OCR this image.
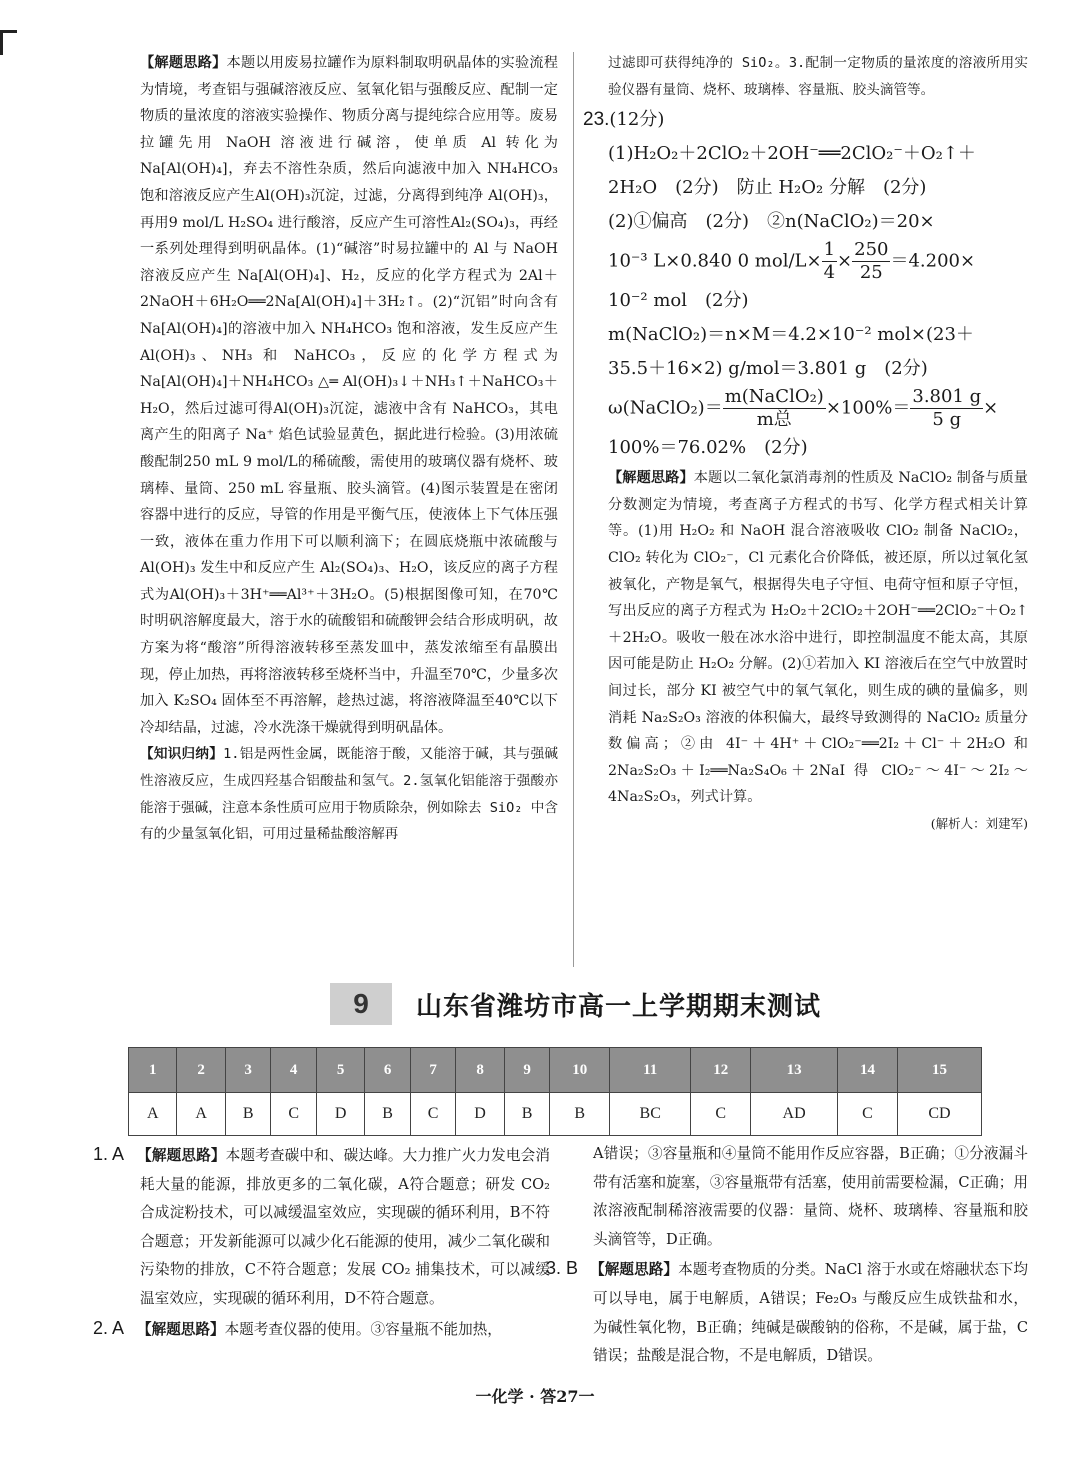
【解题思路】本题以用废易拉罐作为原料制取明矾晶体的实验流程为情境，考查铝与强碱溶液反应、氢氧化铝与强酸反应、配制一定物质的量浓度的溶液实验操作、物质分离与提纯综合应用等。废易拉罐先用 NaOH 溶液进行碱溶，使单质 Al 转化为 Na[Al(OH)₄]，弃去不溶性杂质，然后向滤液中加入 NH₄HCO₃ 饱和溶液反应产生Al(OH)₃沉淀，过滤，分离得到纯净 Al(OH)₃，再用9 mol/L H₂SO₄ 进行酸溶，反应产生可溶性Al₂(SO₄)₃，再经一系列处理得到明矾晶体。(1)“碱溶”时易拉罐中的 Al 与 NaOH 溶液反应产生 Na[Al(OH)₄]、H₂，反应的化学方程式为 2Al＋2NaOH＋6H₂O══2Na[Al(OH)₄]＋3H₂↑。(2)“沉铝”时向含有 Na[Al(OH)₄]的溶液中加入 NH₄HCO₃ 饱和溶液，发生反应产生 Al(OH)₃、NH₃ 和 NaHCO₃，反应的化学方程式为 Na[Al(OH)₄]＋NH₄HCO₃ △═ Al(OH)₃↓＋NH₃↑＋NaHCO₃＋H₂O，然后过滤可得Al(OH)₃沉淀，滤液中含有 NaHCO₃，其电离产生的阳离子 Na⁺ 焰色试验显黄色，据此进行检验。(3)用浓硫酸配制250 mL 9 mol/L的稀硫酸，需使用的玻璃仪器有烧杯、玻璃棒、量筒、250 mL 容量瓶、胶头滴管。(4)图示装置是在密闭容器中进行的反应，导管的作用是平衡气压，使液体上下气体压强一致，液体在重力作用下可以顺利滴下；在圆底烧瓶中浓硫酸与 Al(OH)₃ 发生中和反应产生 Al₂(SO₄)₃、H₂O，该反应的离子方程式为Al(OH)₃＋3H⁺══Al³⁺＋3H₂O。(5)根据图像可知，在70℃时明矾溶解度最大，溶于水的硫酸铝和硫酸钾会结合形成明矾，故方案为将“酸溶”所得溶液转移至蒸发皿中，蒸发浓缩至有晶膜出现，停止加热，再将溶液转移至烧杯当中，升温至70℃，少量多次加入 K₂SO₄ 固体至不再溶解，趁热过滤，将溶液降温至40℃以下冷却结晶，过滤，冷水洗涤干燥就得到明矾晶体。

【知识归纳】1.铝是两性金属，既能溶于酸，又能溶于碱，其与强碱性溶液反应，生成四羟基合铝酸盐和氢气。2.氢氧化铝能溶于强酸亦能溶于强碱，注意本条性质可应用于物质除杂，例如除去 SiO₂ 中含有的少量氢氧化铝，可用过量稀盐酸溶解再

过滤即可获得纯净的 SiO₂。3.配制一定物质的量浓度的溶液所用实验仪器有量筒、烧杯、玻璃棒、容量瓶、胶头滴管等。

23.(12分)
(1)H₂O₂＋2ClO₂＋2OH⁻══2ClO₂⁻＋O₂↑＋
2H₂O　(2分)　防止 H₂O₂ 分解　(2分)
(2)①偏高　(2分)　②n(NaClO₂)＝20×
10⁻³ L×0.840 0 $mol/L\times \frac{1}{4} \times \frac{250}{25} =4.200\times$
10⁻² mol　(2分)
m(NaClO₂)＝n×M＝4.2×10⁻² mol×(23＋
35.5＋16×2) g/mol＝3.801 g　(2分)
ω(NaClO₂)＝ $\frac{\text{m(NaClO₂)}}{\text{m总}} \times 100\%= \frac{3.801 g}{5 g}$ ×
100%＝76.02%　(2分)

【解题思路】本题以二氧化氯消毒剂的性质及 NaClO₂ 制备与质量分数测定为情境，考查离子方程式的书写、化学方程式相关计算等。(1)用 H₂O₂ 和 NaOH 混合溶液吸收 ClO₂ 制备 NaClO₂，ClO₂ 转化为 ClO₂⁻，Cl 元素化合价降低，被还原，所以过氧化氢被氧化，产物是氧气，根据得失电子守恒、电荷守恒和原子守恒，写出反应的离子方程式为 H₂O₂＋2ClO₂＋2OH⁻══2ClO₂⁻＋O₂↑＋2H₂O。吸收一般在冰水浴中进行，即控制温度不能太高，其原因可能是防止 H₂O₂ 分解。(2)①若加入 KI 溶液后在空气中放置时间过长，部分 KI 被空气中的氧气氧化，则生成的碘的量偏多，则消耗 Na₂S₂O₃ 溶液的体积偏大，最终导致测得的 NaClO₂ 质量分数偏高；②由 4I⁻＋4H⁺＋ClO₂⁻══2I₂＋Cl⁻＋2H₂O 和 2Na₂S₂O₃＋I₂══Na₂S₄O₆＋2NaI 得 ClO₂⁻～4I⁻～2I₂～4Na₂S₂O₃，列式计算。

(解析人：刘建军)

9	山东省潍坊市高一上学期期末测试
1	2	3	4	5	6	7	8	9	10	11	12	13	14	15
A	A	B	C	D	B	C	D	B	B	BC	C	AD	C	CD

1. A 【解题思路】本题考查碳中和、碳达峰。大力推广火力发电会消耗大量的能源，排放更多的二氧化碳，A符合题意；研发 CO₂ 合成淀粉技术，可以减缓温室效应，实现碳的循环利用，B不符合题意；开发新能源可以减少化石能源的使用，减少二氧化碳和污染物的排放，C不符合题意；发展 CO₂ 捕集技术，可以减缓温室效应，实现碳的循环利用，D不符合题意。

2. A 【解题思路】本题考查仪器的使用。③容量瓶不能加热，

A错误；③容量瓶和④量筒不能用作反应容器，B正确；①分液漏斗带有活塞和旋塞，③容量瓶带有活塞，使用前需要检漏，C正确；用浓溶液配制稀溶液需要的仪器：量筒、烧杯、玻璃棒、容量瓶和胶头滴管等，D正确。

3. B 【解题思路】本题考查物质的分类。NaCl 溶于水或在熔融状态下均可以导电，属于电解质，A错误；Fe₂O₃ 与酸反应生成铁盐和水，为碱性氧化物，B正确；纯碱是碳酸钠的俗称，不是碱，属于盐，C错误；盐酸是混合物，不是电解质，D错误。

一化学 · 答27一
